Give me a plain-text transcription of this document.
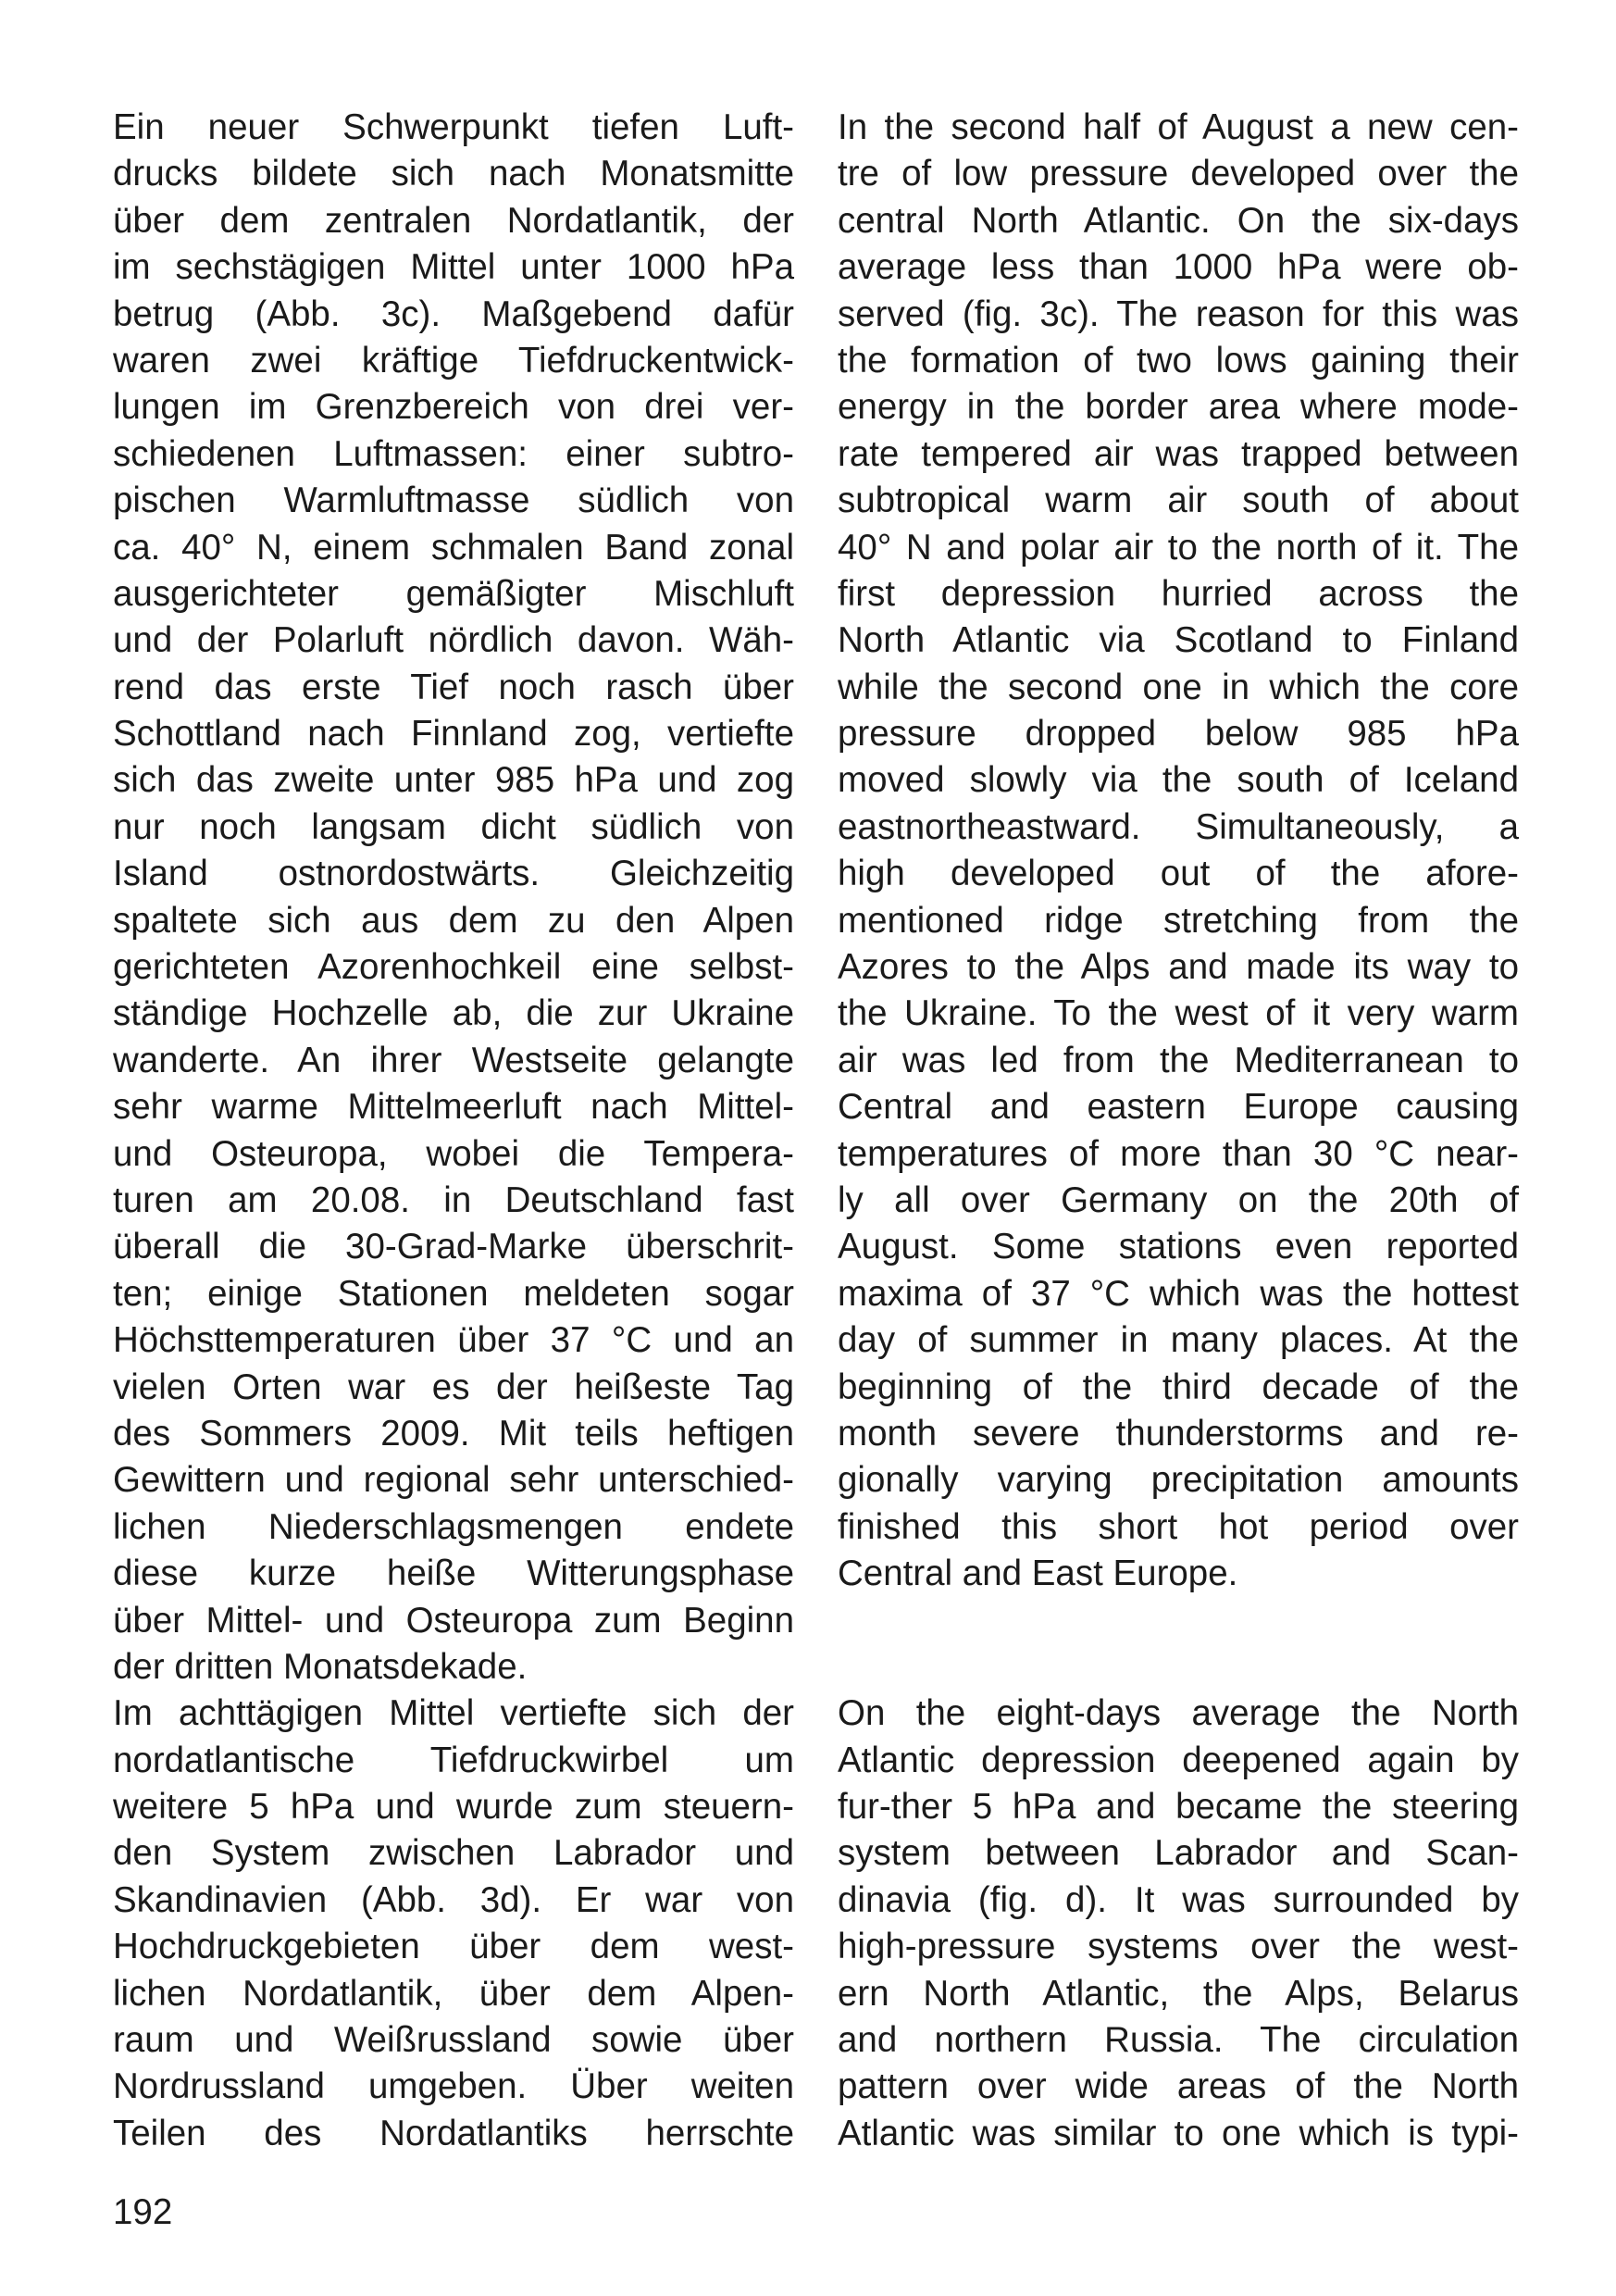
Ein neuer Schwerpunkt tiefen Luft-
drucks bildete sich nach Monatsmitte
über dem zentralen Nordatlantik, der
im sechstägigen Mittel unter 1000 hPa
betrug (Abb. 3c). Maßgebend dafür
waren zwei kräftige Tiefdruckentwick-
lungen im Grenzbereich von drei ver-
schiedenen Luftmassen: einer subtro-
pischen Warmluftmasse südlich von
ca. 40° N, einem schmalen Band zonal
ausgerichteter gemäßigter Mischluft
und der Polarluft nördlich davon. Wäh-
rend das erste Tief noch rasch über
Schottland nach Finnland zog, vertiefte
sich das zweite unter 985 hPa und zog
nur noch langsam dicht südlich von
Island ostnordostwärts. Gleichzeitig
spaltete sich aus dem zu den Alpen
gerichteten Azorenhochkeil eine selbst-
ständige Hochzelle ab, die zur Ukraine
wanderte. An ihrer Westseite gelangte
sehr warme Mittelmeerluft nach Mittel-
und Osteuropa, wobei die Tempera-
turen am 20.08. in Deutschland fast
überall die 30-Grad-Marke überschrit-
ten; einige Stationen meldeten sogar
Höchsttemperaturen über 37 °C und an
vielen Orten war es der heißeste Tag
des Sommers 2009. Mit teils heftigen
Gewittern und regional sehr unterschied-
lichen Niederschlagsmengen endete
diese kurze heiße Witterungsphase
über Mittel- und Osteuropa zum Beginn
der dritten Monatsdekade.
Im achttägigen Mittel vertiefte sich der
nordatlantische Tiefdruckwirbel um
weitere 5 hPa und wurde zum steuern-
den System zwischen Labrador und
Skandinavien (Abb. 3d). Er war von
Hochdruckgebieten über dem west-
lichen Nordatlantik, über dem Alpen-
raum und Weißrussland sowie über
Nordrussland umgeben. Über weiten
Teilen des Nordatlantiks herrschte
In the second half of August a new cen-
tre of low pressure developed over the
central North Atlantic. On the six-days
average less than 1000 hPa were ob-
served (fig. 3c). The reason for this was
the formation of two lows gaining their
energy in the border area where mode-
rate tempered air was trapped between
subtropical warm air south of about
40° N and polar air to the north of it. The
first depression hurried across the
North Atlantic via Scotland to Finland
while the second one in which the core
pressure dropped below 985 hPa
moved slowly via the south of Iceland
eastnortheastward. Simultaneously, a
high developed out of the afore-
mentioned ridge stretching from the
Azores to the Alps and made its way to
the Ukraine. To the west of it very warm
air was led from the Mediterranean to
Central and eastern Europe causing
temperatures of more than 30 °C near-
ly all over Germany on the 20th of
August. Some stations even reported
maxima of 37 °C which was the hottest
day of summer in many places. At the
beginning of the third decade of the
month severe thunderstorms and re-
gionally varying precipitation amounts
finished this short hot period over
Central and East Europe.
On the eight-days average the North
Atlantic depression deepened again by
fur-ther 5 hPa and became the steering
system between Labrador and Scan-
dinavia (fig. d). It was surrounded by
high-pressure systems over the west-
ern North Atlantic, the Alps, Belarus
and northern Russia. The circulation
pattern over wide areas of the North
Atlantic was similar to one which is typi-
192
